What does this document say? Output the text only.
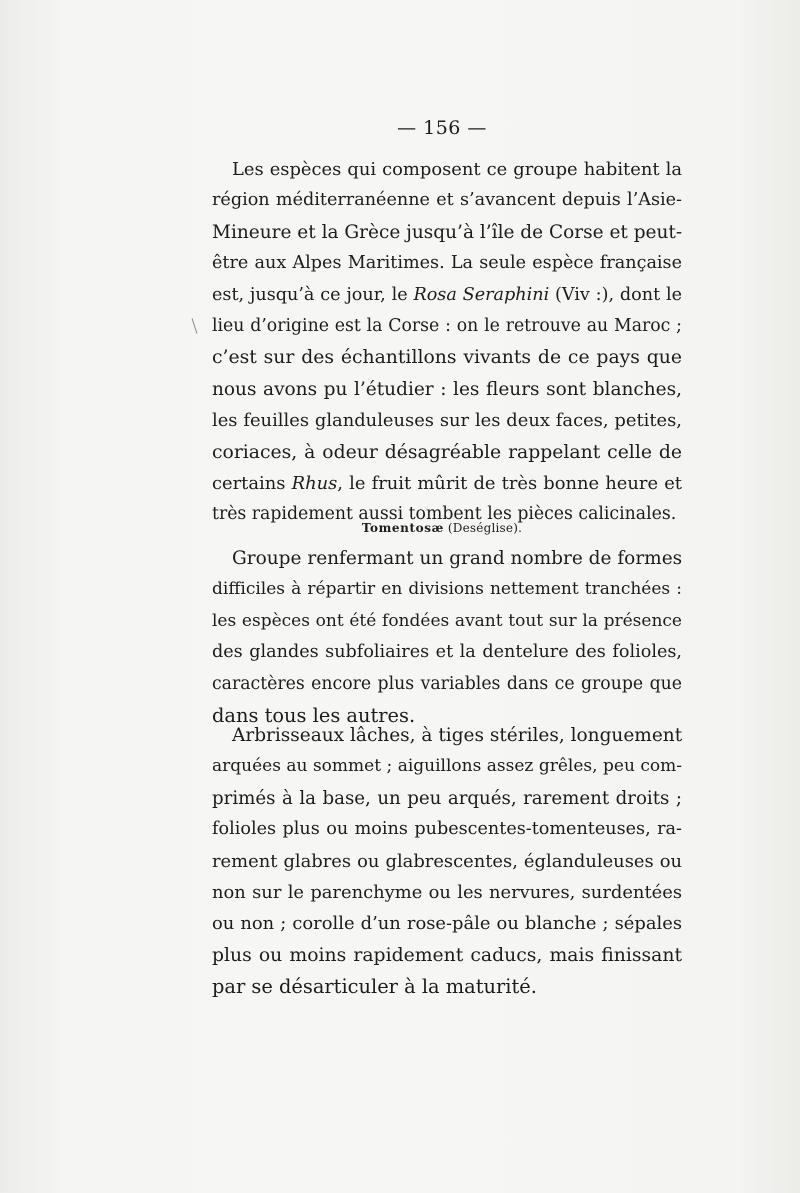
— 156 —
Les espèces qui composent ce groupe habitent la
région méditerranéenne et s’avancent depuis l’Asie-
Mineure et la Grèce jusqu’à l’île de Corse et peut-
être aux Alpes Maritimes. La seule espèce française
est, jusqu’à ce jour, le Rosa Seraphini (Viv :), dont le
lieu d’origine est la Corse : on le retrouve au Maroc ;
c’est sur des échantillons vivants de ce pays que
nous avons pu l’étudier : les fleurs sont blanches,
les feuilles glanduleuses sur les deux faces, petites,
coriaces, à odeur désagréable rappelant celle de
certains Rhus, le fruit mûrit de très bonne heure et
très rapidement aussi tombent les pièces calicinales.
Tomentosæ (Deséglise).
Groupe renfermant un grand nombre de formes
difficiles à répartir en divisions nettement tranchées :
les espèces ont été fondées avant tout sur la présence
des glandes subfoliaires et la dentelure des folioles,
caractères encore plus variables dans ce groupe que
dans tous les autres.
Arbrisseaux lâches, à tiges stériles, longuement
arquées au sommet ; aiguillons assez grêles, peu com-
primés à la base, un peu arqués, rarement droits ;
folioles plus ou moins pubescentes-tomenteuses, ra-
rement glabres ou glabrescentes, églanduleuses ou
non sur le parenchyme ou les nervures, surdentées
ou non ; corolle d’un rose-pâle ou blanche ; sépales
plus ou moins rapidement caducs, mais finissant
par se désarticuler à la maturité.
